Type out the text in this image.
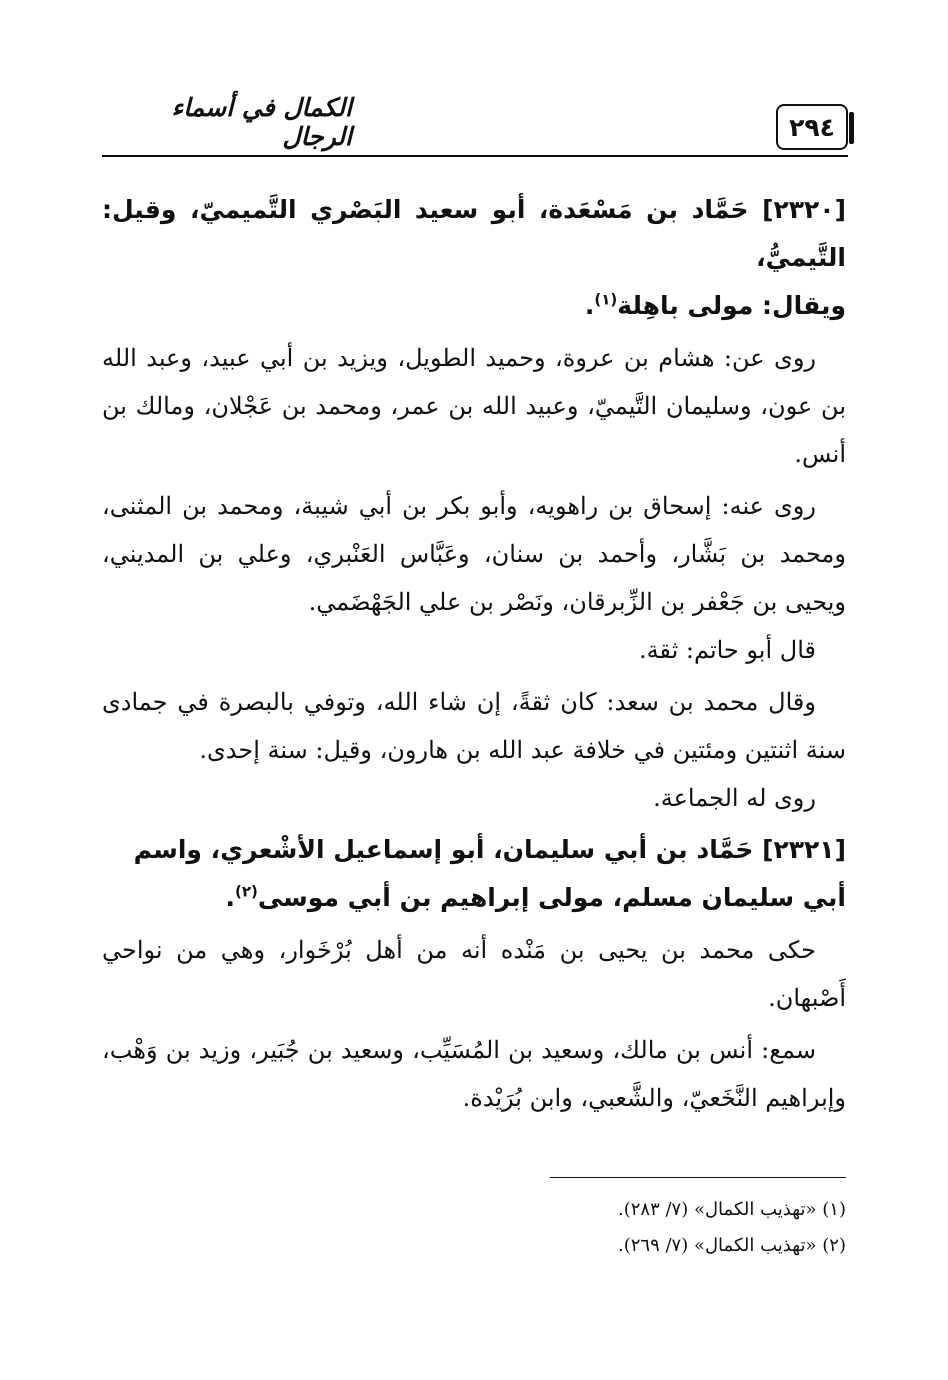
٢٩٤
الكمال في أسماء الرجال

[٢٣٢٠] حَمَّاد بن مَسْعَدة، أبو سعيد البَصْري التَّميميّ، وقيل: التَّيميُّ،
ويقال: مولى باهِلة$^{(١)}$.

روى عن: هشام بن عروة، وحميد الطويل، ويزيد بن أبي عبيد، وعبد الله بن عون، وسليمان التَّيميّ، وعبيد الله بن عمر، ومحمد بن عَجْلان، ومالك بن أنس.

روى عنه: إسحاق بن راهويه، وأبو بكر بن أبي شيبة، ومحمد بن المثنى، ومحمد بن بَشَّار، وأحمد بن سنان، وعَبَّاس العَنْبري، وعلي بن المديني، ويحيى بن جَعْفر بن الزِّبرقان، ونَصْر بن علي الجَهْضَمي.

قال أبو حاتم: ثقة.

وقال محمد بن سعد: كان ثقةً، إن شاء الله، وتوفي بالبصرة في جمادى سنة اثنتين ومئتين في خلافة عبد الله بن هارون، وقيل: سنة إحدى.

روى له الجماعة.

[٢٣٢١] حَمَّاد بن أبي سليمان، أبو إسماعيل الأشْعري، واسم
أبي سليمان مسلم، مولى إبراهيم بن أبي موسى$^{(٢)}$.

حكى محمد بن يحيى بن مَنْده أنه من أهل بُرْخَوار، وهي من نواحي أَصْبهان.

سمع: أنس بن مالك، وسعيد بن المُسَيِّب، وسعيد بن جُبَير، وزيد بن وَهْب، وإبراهيم النَّخَعيّ، والشَّعبي، وابن بُرَيْدة.

(١) «تهذيب الكمال» (٧/ ٢٨٣).

(٢) «تهذيب الكمال» (٧/ ٢٦٩).
